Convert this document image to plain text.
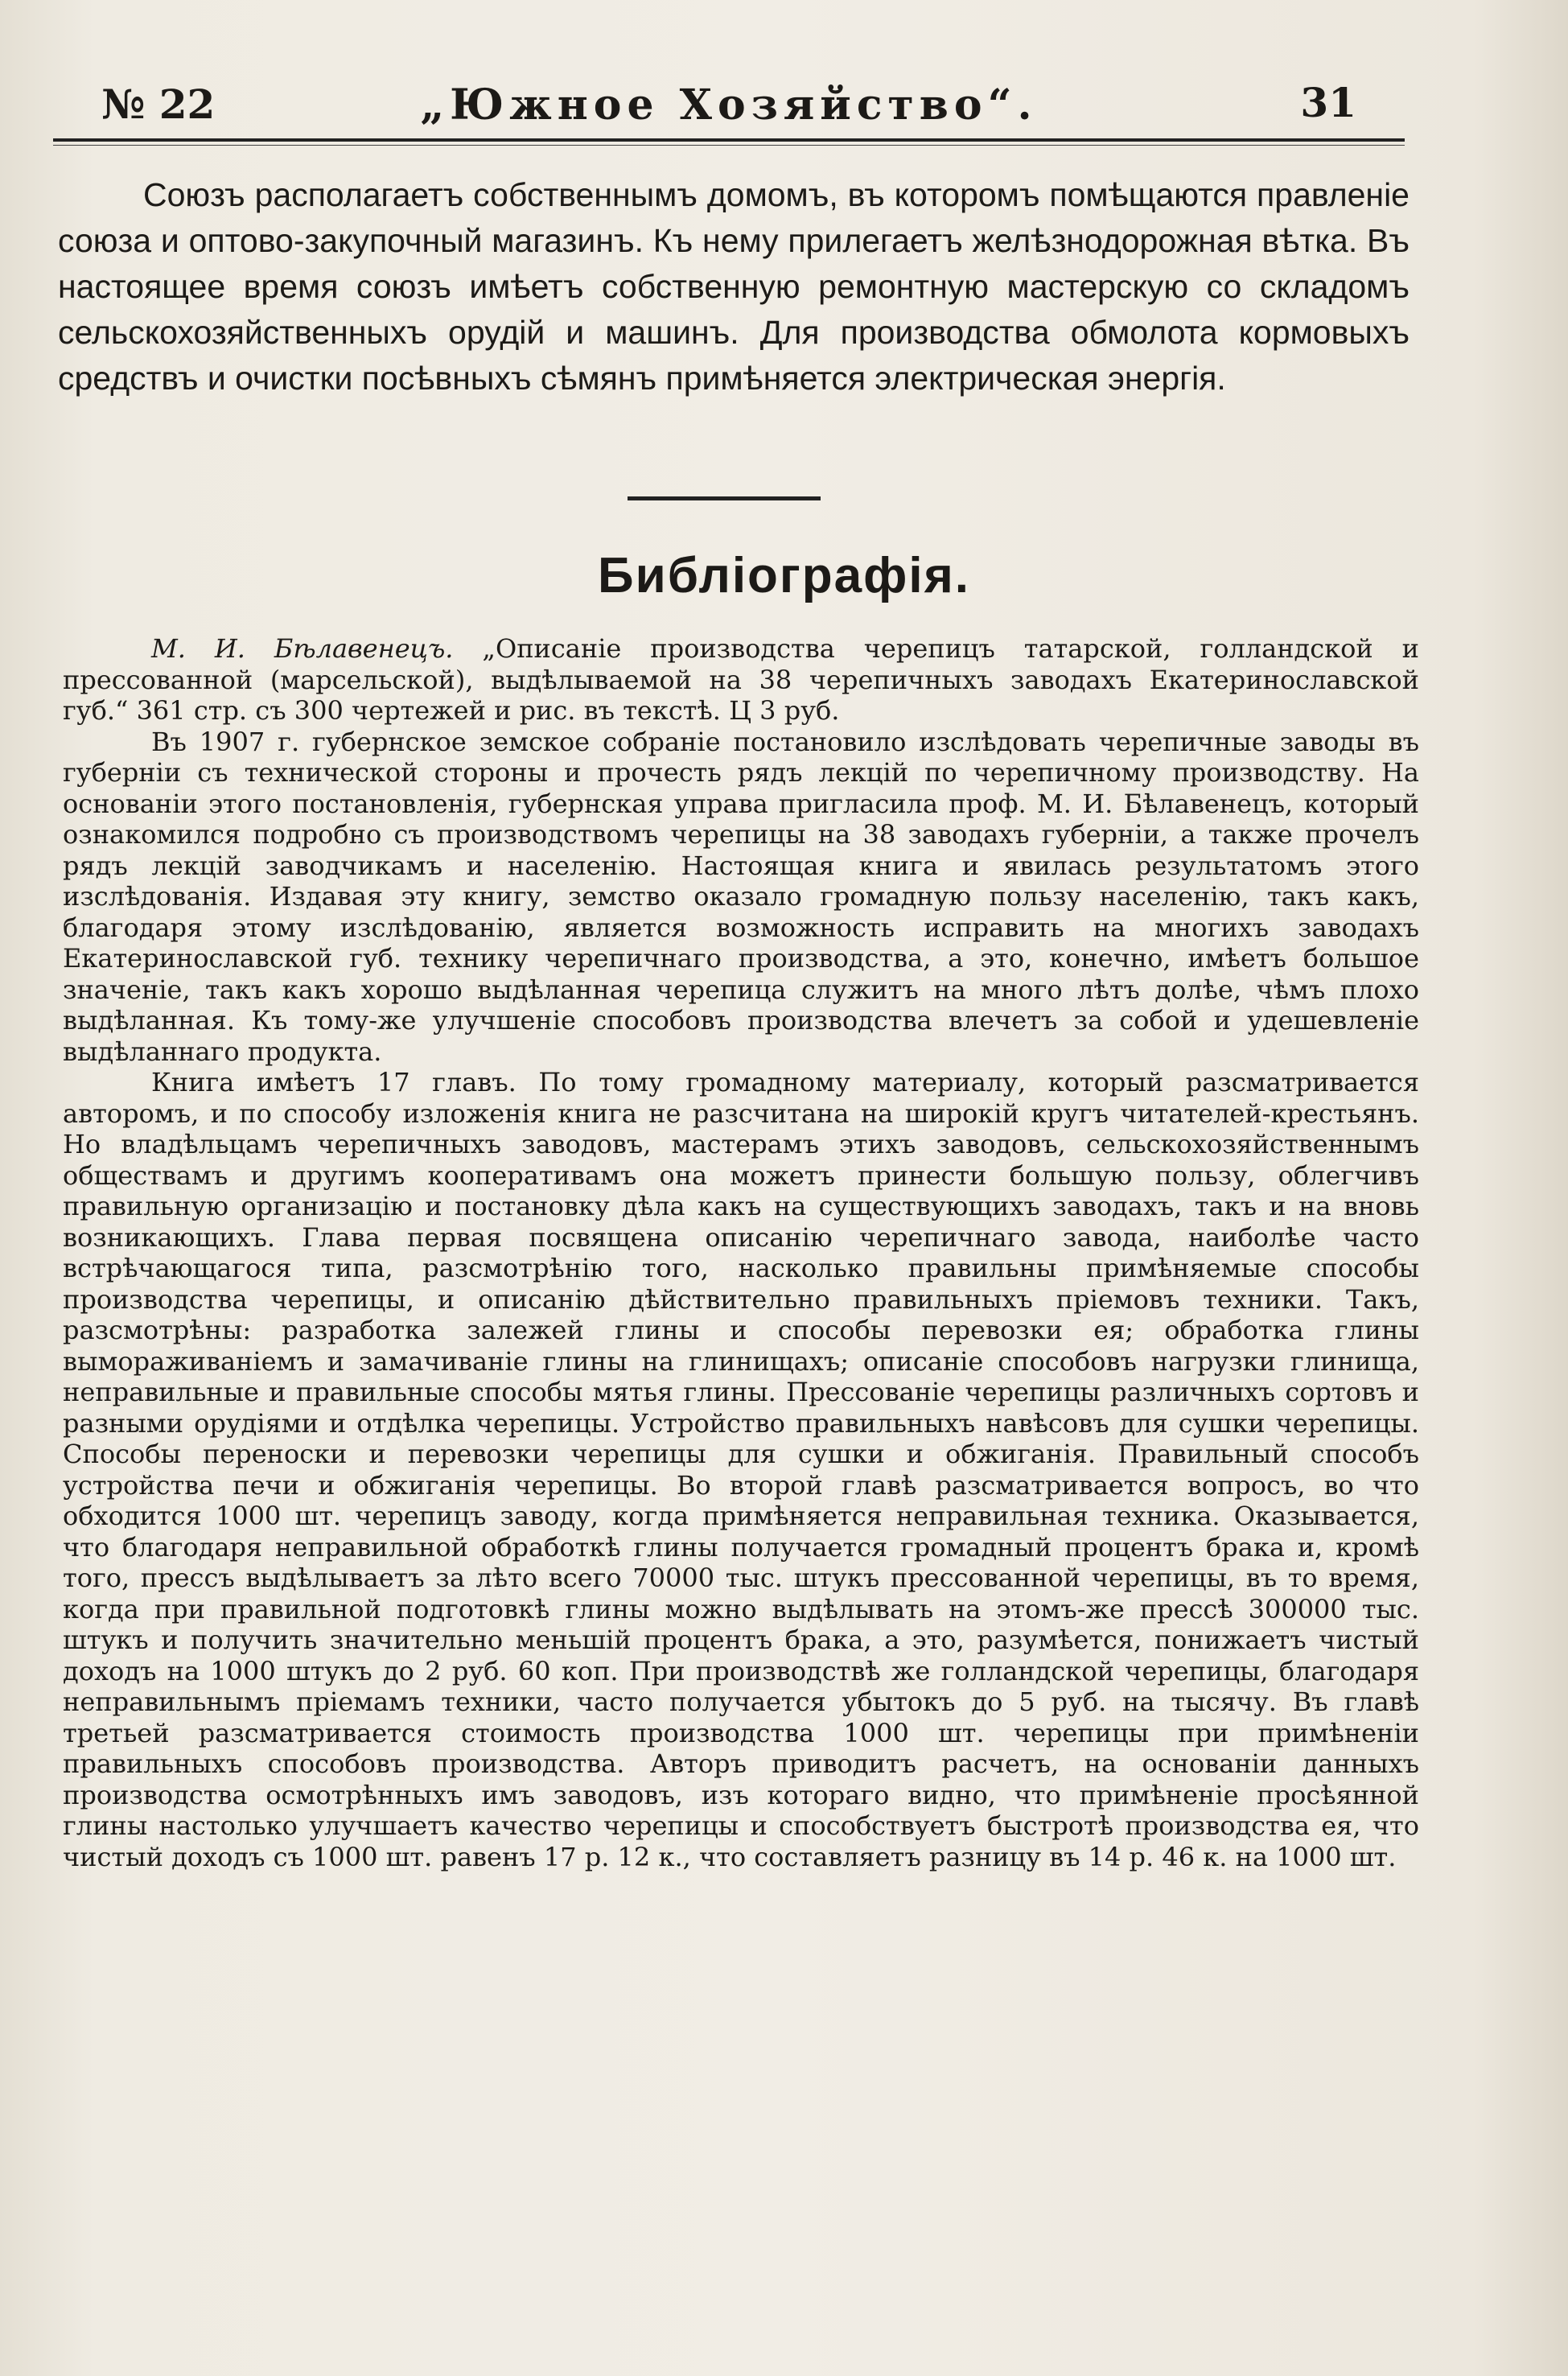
№ 22	„Южное Хозяйство“.	31

Союзъ располагаетъ собственнымъ домомъ, въ которомъ помѣщаются правленіе союза и оптово-закупочный магазинъ. Къ нему прилегаетъ желѣзнодорожная вѣтка. Въ настоящее время союзъ имѣетъ собственную ремонтную мастерскую со складомъ сельскохозяйственныхъ орудій и машинъ. Для производства обмолота кормовыхъ средствъ и очистки посѣвныхъ сѣмянъ примѣняется электрическая энергія.

Библіографія.

М. И. Бѣлавенецъ. „Описаніе производства черепицъ татарской, голландской и прессованной (марсельской), выдѣлываемой на 38 черепичныхъ заводахъ Екатеринославской губ.“ 361 стр. съ 300 чертежей и рис. въ текстѣ. Ц 3 руб.

Въ 1907 г. губернское земское собраніе постановило изслѣдовать черепичные заводы въ губерніи съ технической стороны и прочесть рядъ лекцій по черепичному производству. На основаніи этого постановленія, губернская управа пригласила проф. М. И. Бѣлавенецъ, который ознакомился подробно съ производствомъ черепицы на 38 заводахъ губерніи, а также прочелъ рядъ лекцій заводчикамъ и населенію. Настоящая книга и явилась результатомъ этого изслѣдованія. Издавая эту книгу, земство оказало громадную пользу населенію, такъ какъ, благодаря этому изслѣдованію, является возможность исправить на многихъ заводахъ Екатеринославской губ. технику черепичнаго производства, а это, конечно, имѣетъ большое значеніе, такъ какъ хорошо выдѣланная черепица служитъ на много лѣтъ долѣе, чѣмъ плохо выдѣланная. Къ тому-же улучшеніе способовъ производства влечетъ за собой и удешевленіе выдѣланнаго продукта.

Книга имѣетъ 17 главъ. По тому громадному материалу, который разсматривается авторомъ, и по способу изложенія книга не разсчитана на широкій кругъ читателей-крестьянъ. Но владѣльцамъ черепичныхъ заводовъ, мастерамъ этихъ заводовъ, сельскохозяйственнымъ обществамъ и другимъ кооперативамъ она можетъ принести большую пользу, облегчивъ правильную организацію и постановку дѣла какъ на существующихъ заводахъ, такъ и на вновь возникающихъ. Глава первая посвящена описанію черепичнаго завода, наиболѣе часто встрѣчающагося типа, разсмотрѣнію того, насколько правильны примѣняемые способы производства черепицы, и описанію дѣйствительно правильныхъ пріемовъ техники. Такъ, разсмотрѣны: разработка залежей глины и способы перевозки ея; обработка глины вымораживаніемъ и замачиваніе глины на глинищахъ; описаніе способовъ нагрузки глинища, неправильные и правильные способы мятья глины. Прессованіе черепицы различныхъ сортовъ и разными орудіями и отдѣлка черепицы. Устройство правильныхъ навѣсовъ для сушки черепицы. Способы переноски и перевозки черепицы для сушки и обжиганія. Правильный способъ устройства печи и обжиганія черепицы. Во второй главѣ разсматривается вопросъ, во что обходится 1000 шт. черепицъ заводу, когда примѣняется неправильная техника. Оказывается, что благодаря неправильной обработкѣ глины получается громадный процентъ брака и, кромѣ того, прессъ выдѣлываетъ за лѣто всего 70000 тыс. штукъ прессованной черепицы, въ то время, когда при правильной подготовкѣ глины можно выдѣлывать на этомъ-же прессѣ 300000 тыс. штукъ и получить значительно меньшій процентъ брака, а это, разумѣется, понижаетъ чистый доходъ на 1000 штукъ до 2 руб. 60 коп. При производствѣ же голландской черепицы, благодаря неправильнымъ пріемамъ техники, часто получается убытокъ до 5 руб. на тысячу. Въ главѣ третьей разсматривается стоимость производства 1000 шт. черепицы при примѣненіи правильныхъ способовъ производства. Авторъ приводитъ расчетъ, на основаніи данныхъ производства осмотрѣнныхъ имъ заводовъ, изъ котораго видно, что примѣненіе просѣянной глины настолько улучшаетъ качество черепицы и способствуетъ быстротѣ производства ея, что чистый доходъ съ 1000 шт. равенъ 17 р. 12 к., что составляетъ разницу въ 14 р. 46 к. на 1000 шт.
